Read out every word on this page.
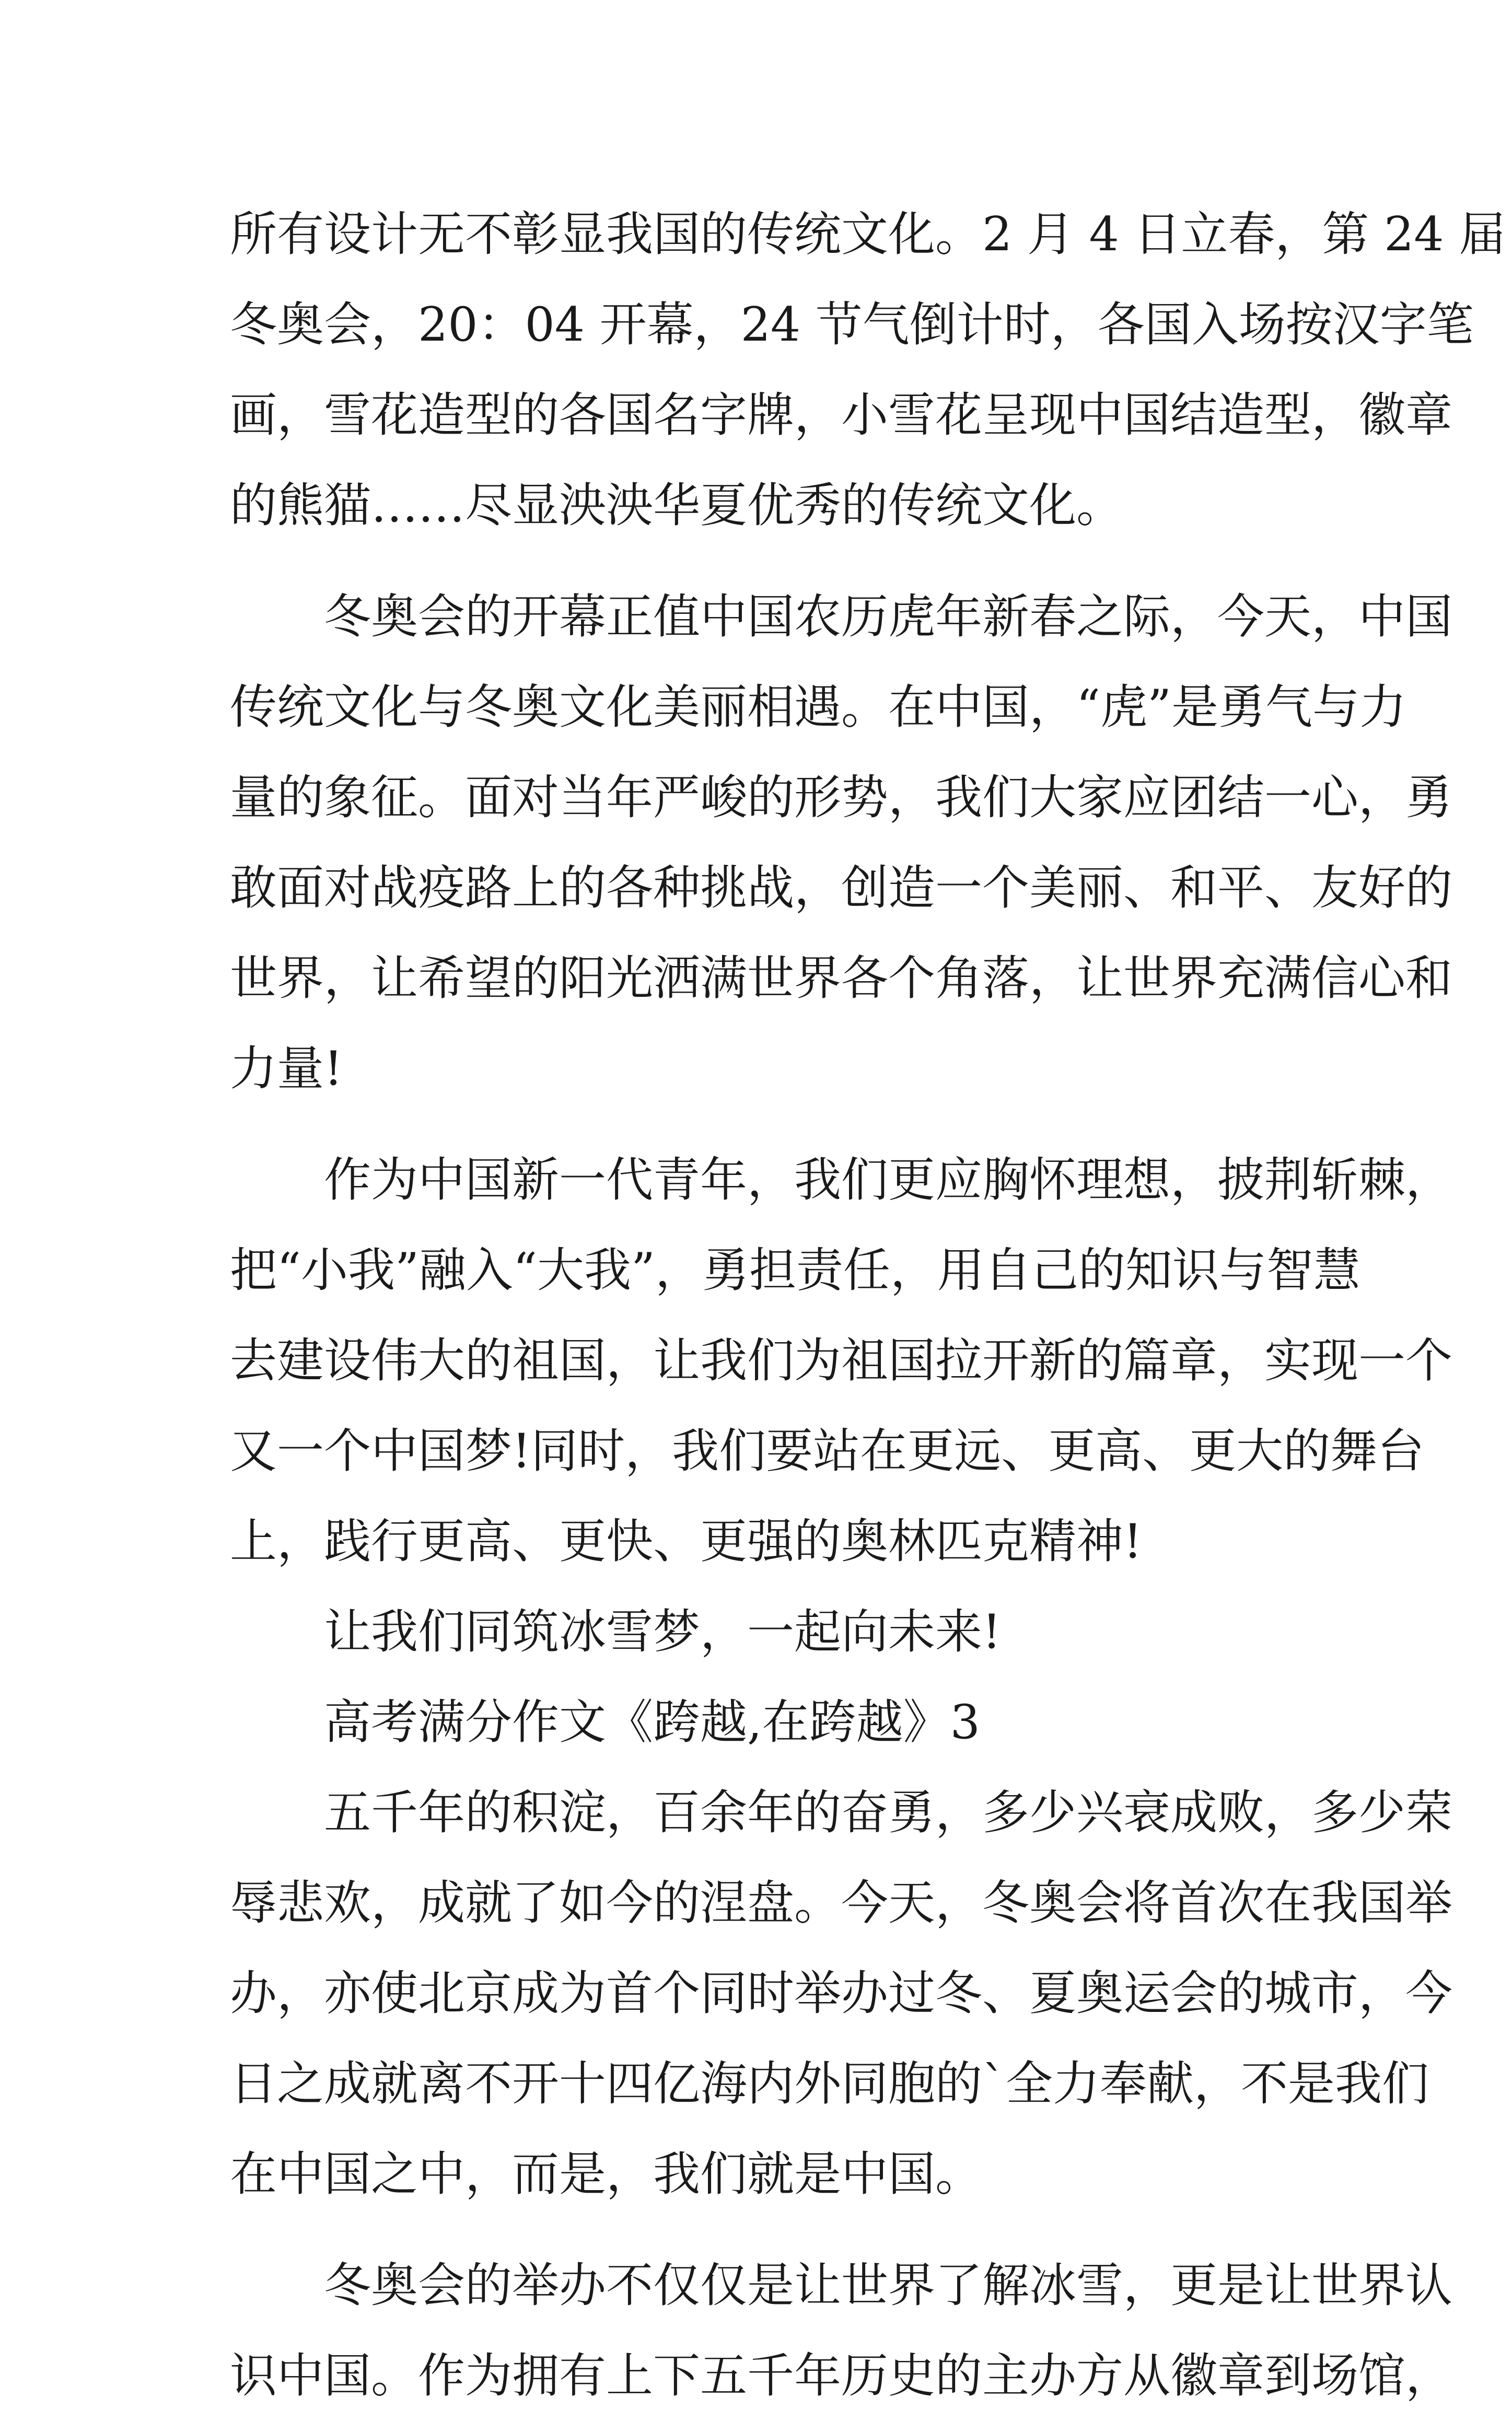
所有设计无不彰显我国的传统文化。2 月 4 日立春，第 24 届
冬奥会，20：04 开幕，24 节气倒计时，各国入场按汉字笔
画，雪花造型的各国名字牌，小雪花呈现中国结造型，徽章
的熊猫……尽显泱泱华夏优秀的传统文化。
　　冬奥会的开幕正值中国农历虎年新春之际，今天，中国
传统文化与冬奥文化美丽相遇。在中国，“虎”是勇气与力
量的象征。面对当年严峻的形势，我们大家应团结一心，勇
敢面对战疫路上的各种挑战，创造一个美丽、和平、友好的
世界，让希望的阳光洒满世界各个角落，让世界充满信心和
力量!
　　作为中国新一代青年，我们更应胸怀理想，披荆斩棘，
把“小我”融入“大我”，勇担责任，用自己的知识与智慧
去建设伟大的祖国，让我们为祖国拉开新的篇章，实现一个
又一个中国梦!同时，我们要站在更远、更高、更大的舞台
上，践行更高、更快、更强的奥林匹克精神!
　　让我们同筑冰雪梦，一起向未来!
　　高考满分作文《跨越,在跨越》3
　　五千年的积淀，百余年的奋勇，多少兴衰成败，多少荣
辱悲欢，成就了如今的涅盘。今天，冬奥会将首次在我国举
办，亦使北京成为首个同时举办过冬、夏奥运会的城市，今
日之成就离不开十四亿海内外同胞的`全力奉献，不是我们
在中国之中，而是，我们就是中国。
　　冬奥会的举办不仅仅是让世界了解冰雪，更是让世界认
识中国。作为拥有上下五千年历史的主办方从徽章到场馆，
